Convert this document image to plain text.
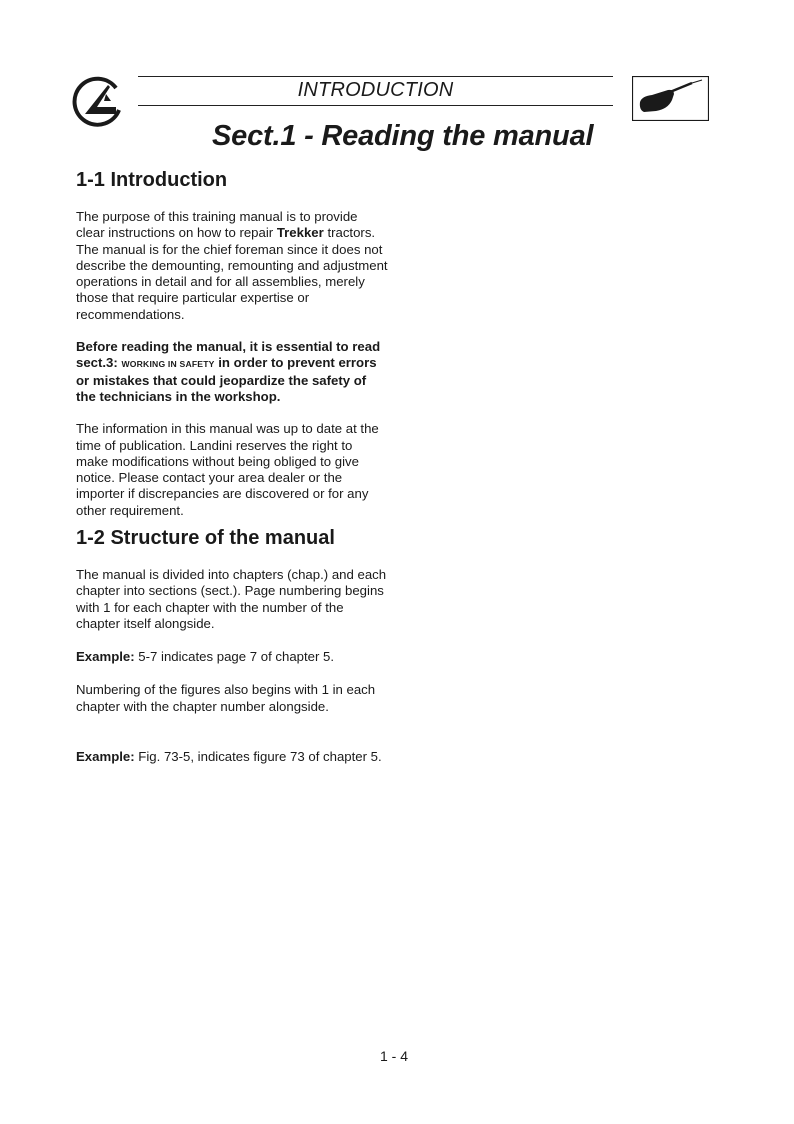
INTRODUCTION
Sect.1 - Reading the manual
1-1 Introduction

The purpose of this training manual is to provide clear instructions on how to repair Trekker tractors.

The manual is for the chief foreman since it does not describe the demounting, remounting and adjustment operations in detail and for all assemblies, merely those that require particular expertise or recommendations.

Before reading the manual, it is essential to read sect.3: WORKING IN SAFETY in order to prevent errors or mistakes that could jeopardize the safety of the technicians in the workshop.

The information in this manual was up to date at the time of publication. Landini reserves the right to make modifications without being obliged to give notice. Please contact your area dealer or the importer if discrepancies are discovered or for any other requirement.

1-2 Structure of the manual

The manual is divided into chapters (chap.) and each chapter into sections (sect.). Page numbering begins with 1 for each chapter with the number of the chapter itself alongside.

Example: 5-7 indicates page 7 of chapter 5.

Numbering of the figures also begins with 1 in each chapter with the chapter number alongside.

Example: Fig. 73-5, indicates figure 73 of chapter 5.

1 - 4
